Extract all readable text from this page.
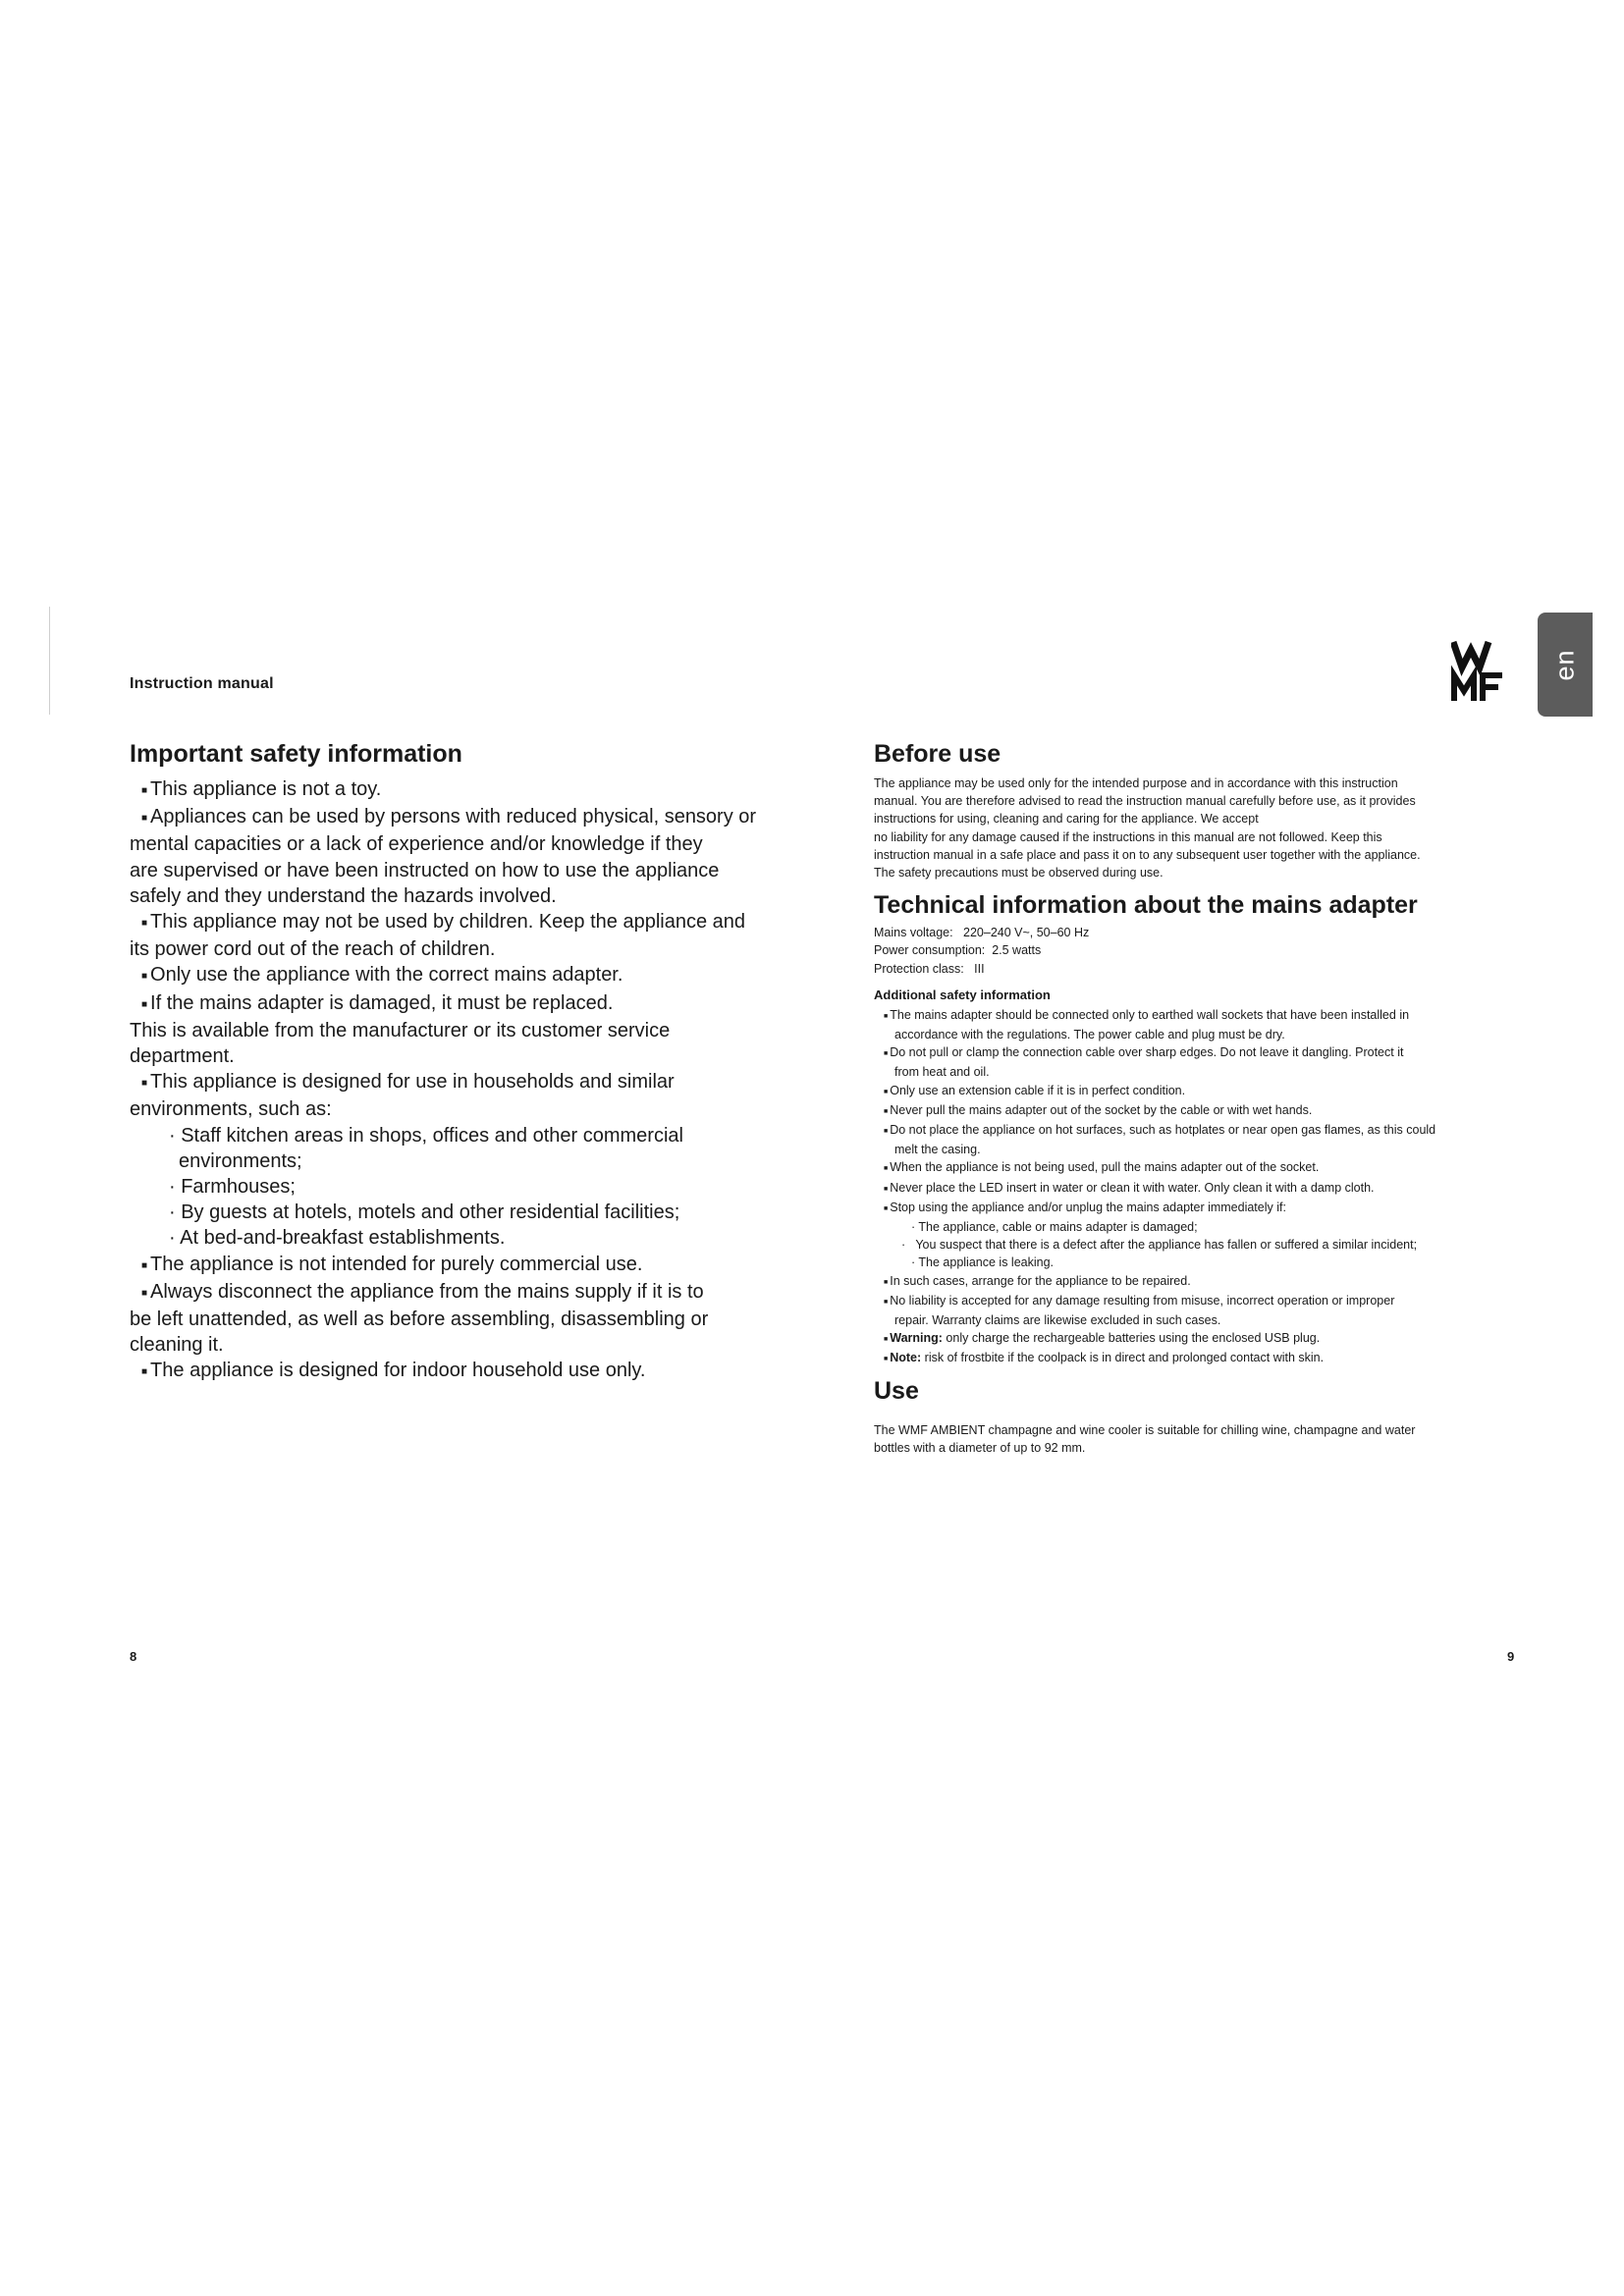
Instruction manual
en
Important safety information

■ This appliance is not a toy.

■ Appliances can be used by persons with reduced physical, sensory or

mental capacities or a lack of experience and/or knowledge if they

are supervised or have been instructed on how to use the appliance

safely and they understand the hazards involved.

■ This appliance may not be used by children. Keep the appliance and

its power cord out of the reach of children.

■ Only use the appliance with the correct mains adapter.

■ If the mains adapter is damaged, it must be replaced.

This is available from the manufacturer or its customer service

department.

■ This appliance is designed for use in households and similar

environments, such as:

· Staff kitchen areas in shops, offices and other commercial

environments;

· Farmhouses;

· By guests at hotels, motels and other residential facilities;

· At bed-and-breakfast establishments.

■ The appliance is not intended for purely commercial use.

■ Always disconnect the appliance from the mains supply if it is to

be left unattended, as well as before assembling, disassembling or

cleaning it.

■ The appliance is designed for indoor household use only.

Before use

The appliance may be used only for the intended purpose and in accordance with this instruction

manual. You are therefore advised to read the instruction manual carefully before use, as it provides

instructions for using, cleaning and caring for the appliance. We accept

no liability for any damage caused if the instructions in this manual are not followed. Keep this

instruction manual in a safe place and pass it on to any subsequent user together with the appliance.

The safety precautions must be observed during use.

Technical information about the mains adapter

Mains voltage:   220–240 V~, 50–60 Hz

Power consumption:  2.5 watts

Protection class:   III

Additional safety information

■ The mains adapter should be connected only to earthed wall sockets that have been installed in

accordance with the regulations. The power cable and plug must be dry.

■ Do not pull or clamp the connection cable over sharp edges. Do not leave it dangling. Protect it

from heat and oil.

■ Only use an extension cable if it is in perfect condition.

■ Never pull the mains adapter out of the socket by the cable or with wet hands.

■ Do not place the appliance on hot surfaces, such as hotplates or near open gas flames, as this could

melt the casing.

■ When the appliance is not being used, pull the mains adapter out of the socket.

■ Never place the LED insert in water or clean it with water. Only clean it with a damp cloth.

■ Stop using the appliance and/or unplug the mains adapter immediately if:

· The appliance, cable or mains adapter is damaged;

·   You suspect that there is a defect after the appliance has fallen or suffered a similar incident;

· The appliance is leaking.

■ In such cases, arrange for the appliance to be repaired.

■ No liability is accepted for any damage resulting from misuse, incorrect operation or improper

repair. Warranty claims are likewise excluded in such cases.

■ Warning: only charge the rechargeable batteries using the enclosed USB plug.

■ Note: risk of frostbite if the coolpack is in direct and prolonged contact with skin.

Use

The WMF AMBIENT champagne and wine cooler is suitable for chilling wine, champagne and water

bottles with a diameter of up to 92 mm.

8	9
